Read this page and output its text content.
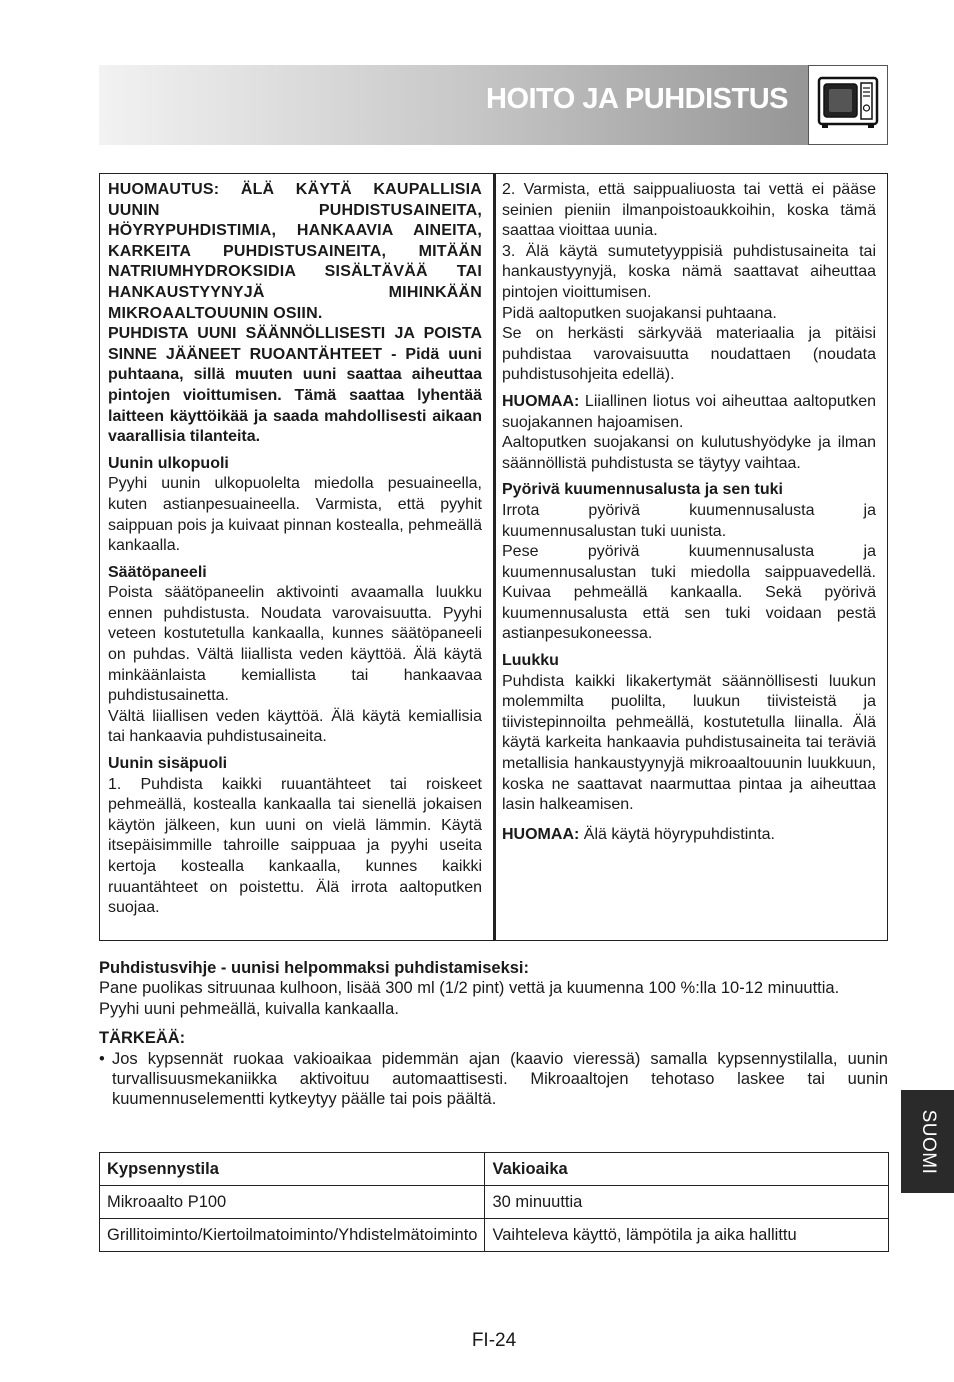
HOITO JA PUHDISTUS

HUOMAUTUS: ÄLÄ KÄYTÄ KAUPALLISIA UUNIN PUHDISTUSAINEITA, HÖYRYPUHDISTIMIA, HANKAAVIA AINEITA, KARKEITA PUHDISTUSAINEITA, MITÄÄN NATRIUMHYDROKSIDIA SISÄLTÄVÄÄ TAI HANKAUSTYYNYJÄ MIHINKÄÄN MIKROAALTOUUNIN OSIIN.

PUHDISTA UUNI SÄÄNNÖLLISESTI JA POISTA SINNE JÄÄNEET RUOANTÄHTEET - Pidä uuni puhtaana, sillä muuten uuni saattaa aiheuttaa pintojen vioittumisen. Tämä saattaa lyhentää laitteen käyttöikää ja saada mahdollisesti aikaan vaarallisia tilanteita.

Uunin ulkopuoli

Pyyhi uunin ulkopuolelta miedolla pesuaineella, kuten astianpesuaineella. Varmista, että pyyhit saippuan pois ja kuivaat pinnan kostealla, pehmeällä kankaalla.

Säätöpaneeli

Poista säätöpaneelin aktivointi avaamalla luukku ennen puhdistusta. Noudata varovaisuutta. Pyyhi veteen kostutetulla kankaalla, kunnes säätöpaneeli on puhdas. Vältä liiallista veden käyttöä. Älä käytä minkäänlaista kemiallista tai hankaavaa puhdistusainetta.

Vältä liiallisen veden käyttöä. Älä käytä kemiallisia tai hankaavia puhdistusaineita.

Uunin sisäpuoli

1. Puhdista kaikki ruuantähteet tai roiskeet pehmeällä, kostealla kankaalla tai sienellä jokaisen käytön jälkeen, kun uuni on vielä lämmin. Käytä itsepäisimmille tahroille saippuaa ja pyyhi useita kertoja kostealla kankaalla, kunnes kaikki ruuantähteet on poistettu. Älä irrota aaltoputken suojaa.

2. Varmista, että saippualiuosta tai vettä ei pääse seinien pieniin ilmanpoistoaukkoihin, koska tämä saattaa vioittaa uunia.

3. Älä käytä sumutetyyppisiä puhdistusaineita tai hankaustyynyjä, koska nämä saattavat aiheuttaa pintojen vioittumisen.

Pidä aaltoputken suojakansi puhtaana.

Se on herkästi särkyvää materiaalia ja pitäisi puhdistaa varovaisuutta noudattaen (noudata puhdistusohjeita edellä).

HUOMAA: Liiallinen liotus voi aiheuttaa aaltoputken suojakannen hajoamisen.

Aaltoputken suojakansi on kulutushyödyke ja ilman säännöllistä puhdistusta se täytyy vaihtaa.

Pyörivä kuumennusalusta ja sen tuki

Irrota pyörivä kuumennusalusta ja kuumennusalustan tuki uunista.

Pese pyörivä kuumennusalusta ja kuumennusalustan tuki miedolla saippuavedellä. Kuivaa pehmeällä kankaalla. Sekä pyörivä kuumennusalusta että sen tuki voidaan pestä astianpesukoneessa.

Luukku

Puhdista kaikki likakertymät säännöllisesti luukun molemmilta puolilta, luukun tiivisteistä ja tiivistepinnoilta pehmeällä, kostutetulla liinalla. Älä käytä karkeita hankaavia puhdistusaineita tai teräviä metallisia hankaustyynyjä mikroaaltouunin luukkuun, koska ne saattavat naarmuttaa pintaa ja aiheuttaa lasin halkeamisen.

HUOMAA: Älä käytä höyrypuhdistinta.

Puhdistusvihje - uunisi helpommaksi puhdistamiseksi:

Pane puolikas sitruunaa kulhoon, lisää 300 ml (1/2 pint) vettä ja kuumenna 100 %:lla 10-12 minuuttia.

Pyyhi uuni pehmeällä, kuivalla kankaalla.

TÄRKEÄÄ:

• Jos kypsennät ruokaa vakioaikaa pidemmän ajan (kaavio vieressä) samalla kypsennystilalla, uunin turvallisuusmekaniikka aktivoituu automaattisesti. Mikroaaltojen tehotaso laskee tai uunin kuumennuselementti kytkeytyy päälle tai pois päältä.
Kypsennystila	Vakioaika
Mikroaalto P100	30 minuuttia
Grillitoiminto/Kiertoilmatoiminto/Yhdistelmätoiminto	Vaihteleva käyttö, lämpötila ja aika hallittu
SUOMI
FI-24
